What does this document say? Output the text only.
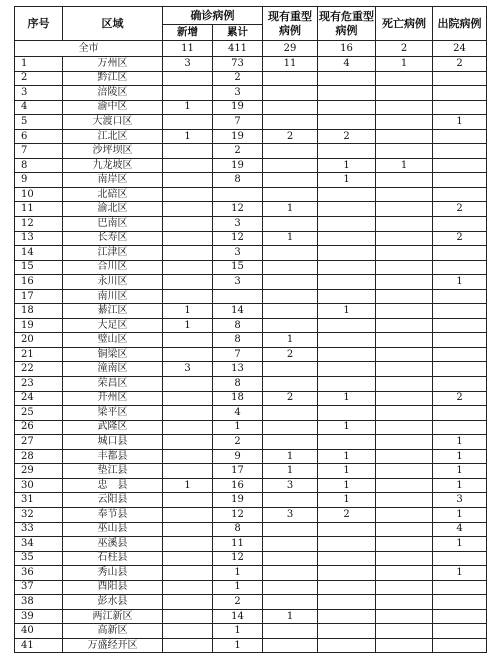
序号	区域	确诊病例		现有重型病例	现有危重型病例	死亡病例	出院病例
		新增	累计				
全市		11	411	29	16	2	24
1	万州区	3	73	11	4	1	2
2	黔江区		2				
3	涪陵区		3				
4	渝中区	1	19				
5	大渡口区		7				1
6	江北区	1	19	2	2		
7	沙坪坝区		2				
8	九龙坡区		19		1	1	
9	南岸区		8		1		
10	北碚区						
11	渝北区		12	1			2
12	巴南区		3				
13	长寿区		12	1			2
14	江津区		3				
15	合川区		15				
16	永川区		3				1
17	南川区						
18	綦江区	1	14		1		
19	大足区	1	8				
20	璧山区		8	1			
21	铜梁区		7	2			
22	潼南区	3	13				
23	荣昌区		8				
24	开州区		18	2	1		2
25	梁平区		4				
26	武隆区		1		1		
27	城口县		2				1
28	丰都县		9	1	1		1
29	垫江县		17	1	1		1
30	忠　县	1	16	3	1		1
31	云阳县		19		1		3
32	奉节县		12	3	2		1
33	巫山县		8				4
34	巫溪县		11				1
35	石柱县		12				
36	秀山县		1				1
37	酉阳县		1				
38	彭水县		2				
39	两江新区		14	1			
40	高新区		1				
41	万盛经开区		1				
